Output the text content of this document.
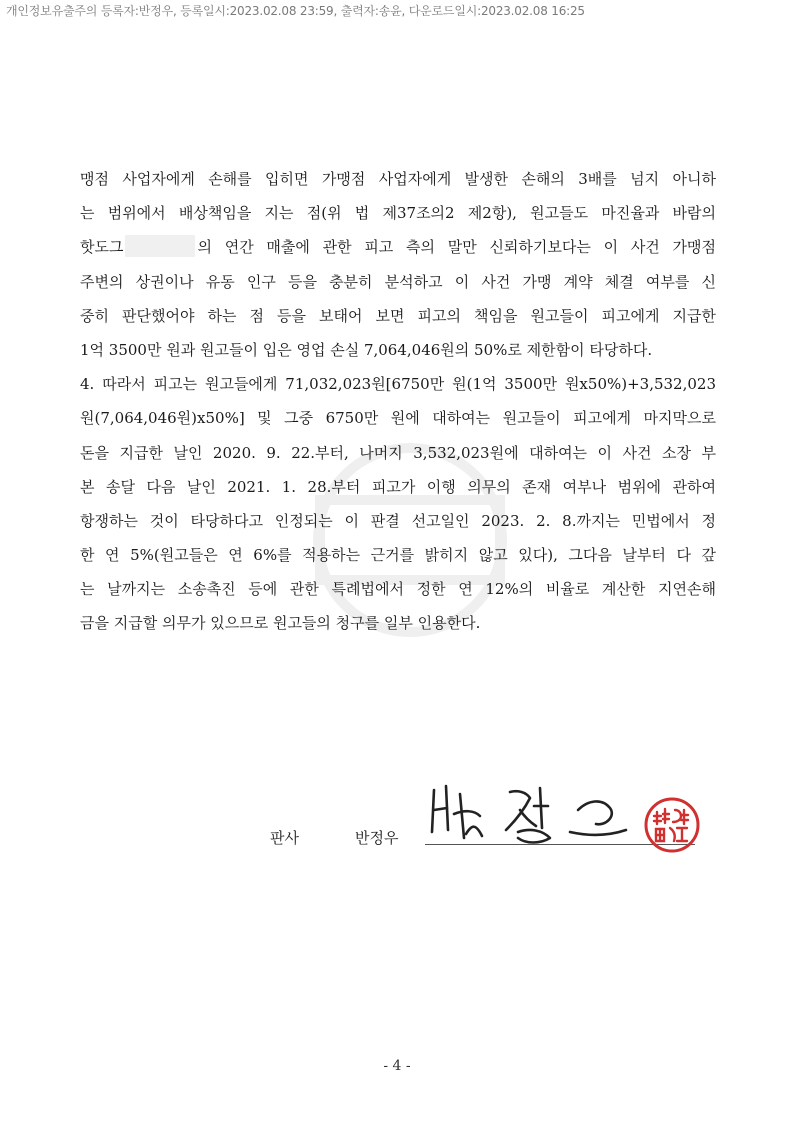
개인정보유출주의 등록자:반정우, 등록일시:2023.02.08 23:59, 출력자:송윤, 다운로드일시:2023.02.08 16:25
맹점 사업자에게 손해를 입히면 가맹점 사업자에게 발생한 손해의 3배를 넘지 아니하
는 범위에서 배상책임을 지는 점(위 법 제37조의2 제2항), 원고들도 마진율과 바람의
핫도그	의 연간 매출에 관한 피고 측의 말만 신뢰하기보다는 이 사건 가맹점
주변의 상권이나 유동 인구 등을 충분히 분석하고 이 사건 가맹 계약 체결 여부를 신
중히 판단했어야 하는 점 등을 보태어 보면 피고의 책임을 원고들이 피고에게 지급한
1억 3500만 원과 원고들이 입은 영업 손실 7,064,046원의 50%로 제한함이 타당하다.
4. 따라서 피고는 원고들에게 71,032,023원[6750만 원(1억 3500만 원x50%)+3,532,023
원(7,064,046원)x50%] 및 그중 6750만 원에 대하여는 원고들이 피고에게 마지막으로
돈을 지급한 날인 2020. 9. 22.부터, 나머지 3,532,023원에 대하여는 이 사건 소장 부
본 송달 다음 날인 2021. 1. 28.부터 피고가 이행 의무의 존재 여부나 범위에 관하여
항쟁하는 것이 타당하다고 인정되는 이 판결 선고일인 2023. 2. 8.까지는 민법에서 정
한 연 5%(원고들은 연 6%를 적용하는 근거를 밝히지 않고 있다), 그다음 날부터 다 갚
는 날까지는 소송촉진 등에 관한 특례법에서 정한 연 12%의 비율로 계산한 지연손해
금을 지급할 의무가 있으므로 원고들의 청구를 일부 인용한다.
판사	반정우
- 4 -
